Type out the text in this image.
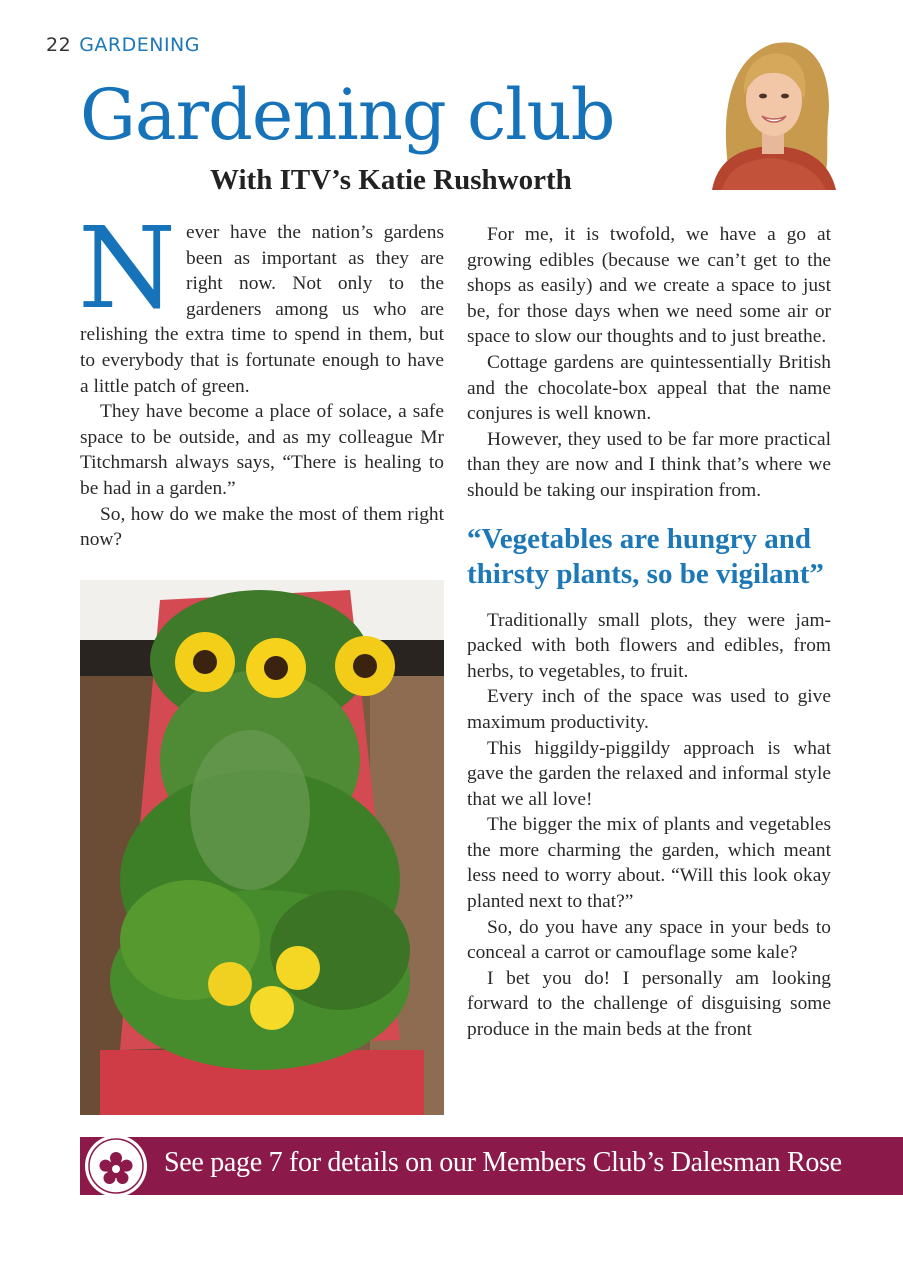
22 GARDENING
Gardening club
With ITV’s Katie Rushworth

Never have the nation’s gardens been as important as they are right now. Not only to the gardeners among us who are relishing the extra time to spend in them, but to everybody that is fortunate enough to have a little patch of green.

They have become a place of solace, a safe space to be outside, and as my colleague Mr Titchmarsh always says, “There is healing to be had in a garden.”

So, how do we make the most of them right now?

For me, it is twofold, we have a go at growing edibles (because we can’t get to the shops as easily) and we create a space to just be, for those days when we need some air or space to slow our thoughts and to just breathe.

Cottage gardens are quintessentially British and the chocolate-box appeal that the name conjures is well known.

However, they used to be far more practical than they are now and I think that’s where we should be taking our inspiration from.

“Vegetables are hungry and thirsty plants, so be vigilant”

Traditionally small plots, they were jam-packed with both flowers and edibles, from herbs, to vegetables, to fruit.

Every inch of the space was used to give maximum productivity.

This higgildy-piggildy approach is what gave the garden the relaxed and informal style that we all love!

The bigger the mix of plants and vegetables the more charming the garden, which meant less need to worry about. “Will this look okay planted next to that?”

So, do you have any space in your beds to conceal a carrot or camouflage some kale?

I bet you do! I personally am looking forward to the challenge of disguising some produce in the main beds at the front

See page 7 for details on our Members Club’s Dalesman Rose
